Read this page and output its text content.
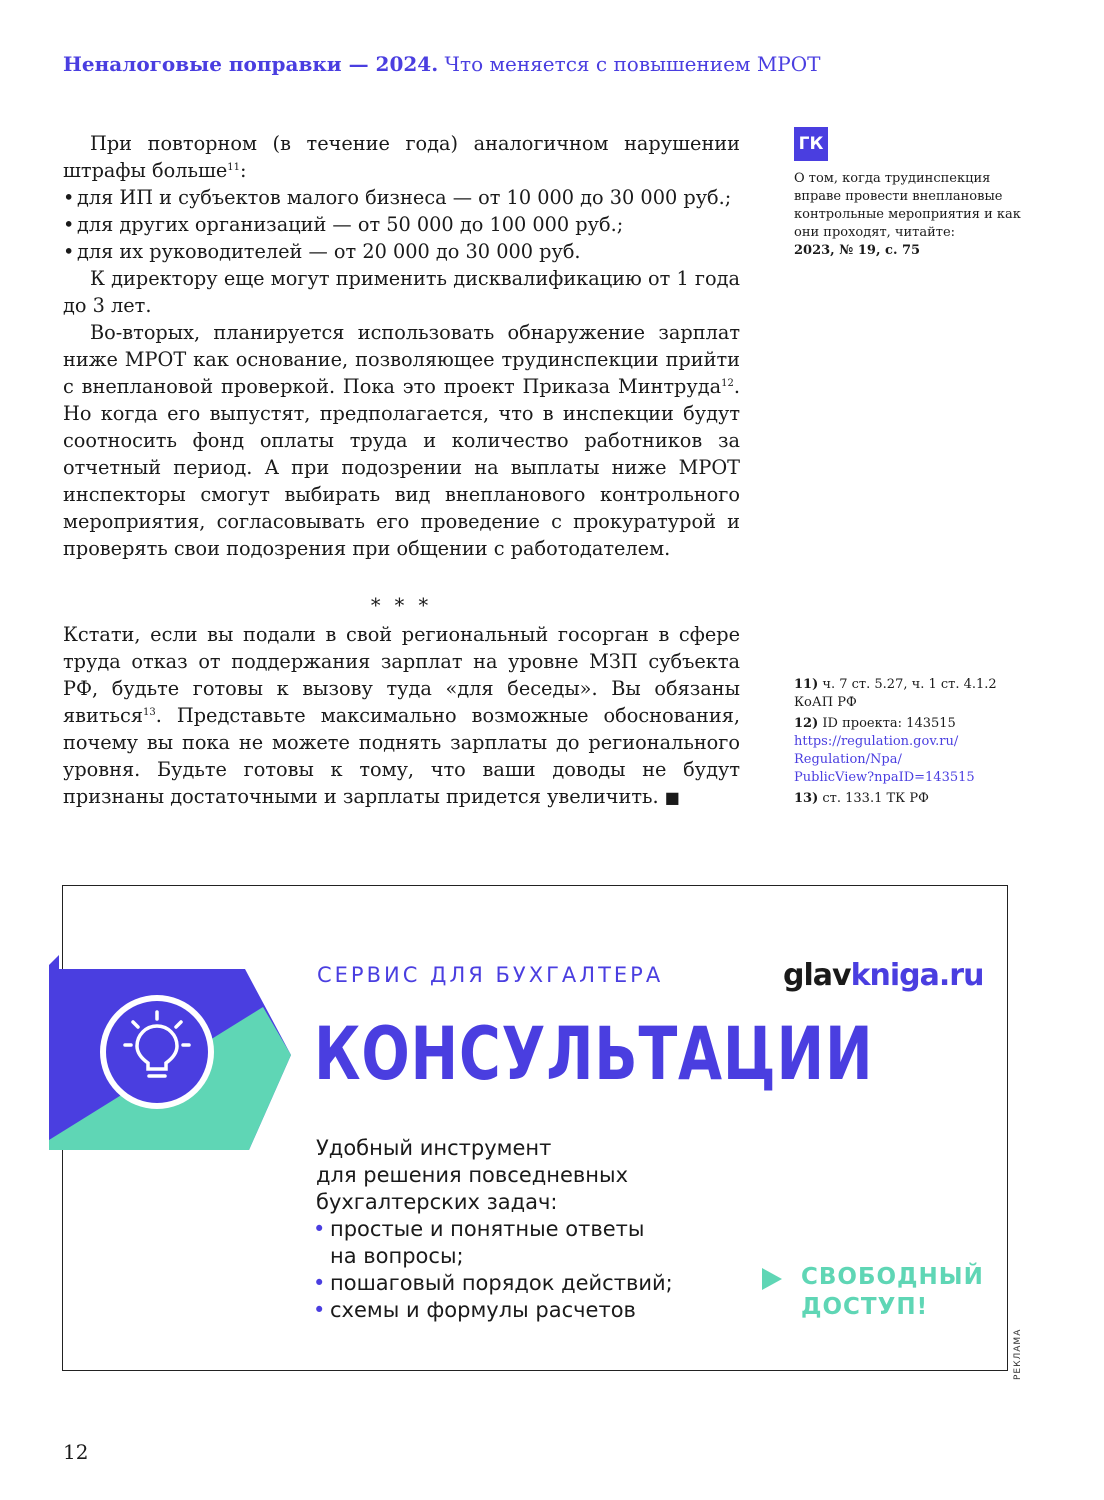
Неналоговые поправки — 2024. Что меняется с повышением МРОТ

При повторном (в течение года) аналогичном нарушении штрафы больше$^{11}$:

• для ИП и субъектов малого бизнеса — от 10 000 до 30 000 руб.;
• для других организаций — от 50 000 до 100 000 руб.;
• для их руководителей — от 20 000 до 30 000 руб.

К директору еще могут применить дисквалификацию от 1 года до 3 лет.

Во-вторых, планируется использовать обнаружение зарплат ниже МРОТ как основание, позволяющее трудинспекции прийти с внеплановой проверкой. Пока это проект Приказа Минтруда$^{12}$. Но когда его выпустят, предполагается, что в инспекции будут соотносить фонд оплаты труда и количество работников за отчетный период. А при подозрении на выплаты ниже МРОТ инспекторы смогут выбирать вид внепланового контрольного мероприятия, согласовывать его проведение с прокуратурой и проверять свои подозрения при общении с работодателем.

* * *

Кстати, если вы подали в свой региональный госорган в сфере труда отказ от поддержания зарплат на уровне МЗП субъекта РФ, будьте готовы к вызову туда «для беседы». Вы обязаны явиться$^{13}$. Представьте максимально возможные обоснования, почему вы пока не можете поднять зарплаты до регионального уровня. Будьте готовы к тому, что ваши доводы не будут признаны достаточными и зарплаты придется увеличить. ■

ГК
О том, когда трудинспекция вправе провести внеплановые контрольные мероприятия и как они проходят, читайте:
2023, № 19, с. 75
11) ч. 7 ст. 5.27, ч. 1 ст. 4.1.2 КоАП РФ
12) ID проекта: 143515
https://regulation.gov.ru/
Regulation/Npa/
PublicView?npaID=143515
13) ст. 133.1 ТК РФ
СЕРВИС ДЛЯ БУХГАЛТЕРА	glavkniga.ru
КОНСУЛЬТАЦИИ
Удобный инструмент
для решения повседневных
бухгалтерских задач:
• простые и понятные ответы
на вопросы;
• пошаговый порядок действий;
• схемы и формулы расчетов
СВОБОДНЫЙ
ДОСТУП!
РЕКЛАМА
12
